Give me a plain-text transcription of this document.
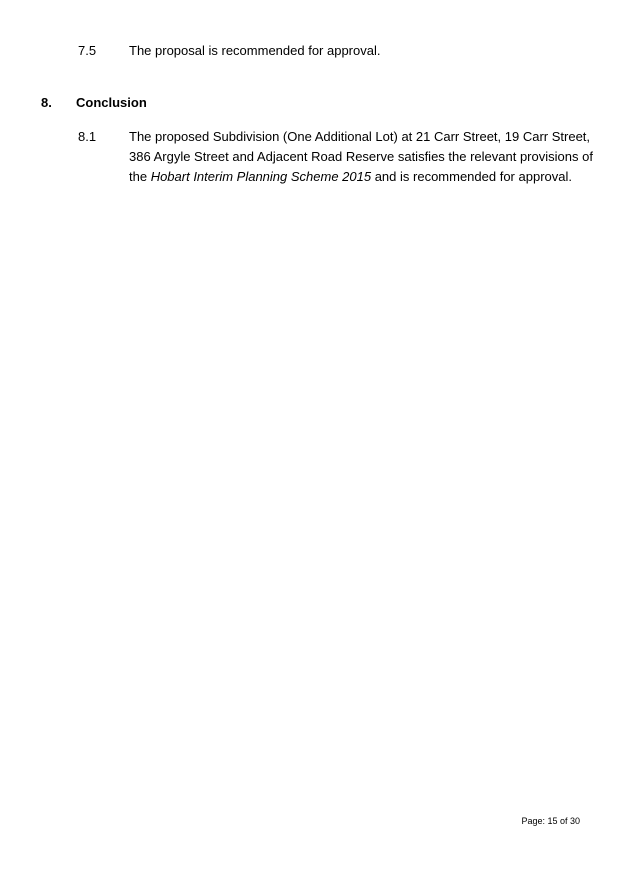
7.5	The proposal is recommended for approval.
8. Conclusion
8.1	The proposed Subdivision (One Additional Lot) at 21 Carr Street, 19 Carr Street,
386 Argyle Street and Adjacent Road Reserve satisfies the relevant provisions of
the Hobart Interim Planning Scheme 2015 and is recommended for approval.
Page: 15 of 30
